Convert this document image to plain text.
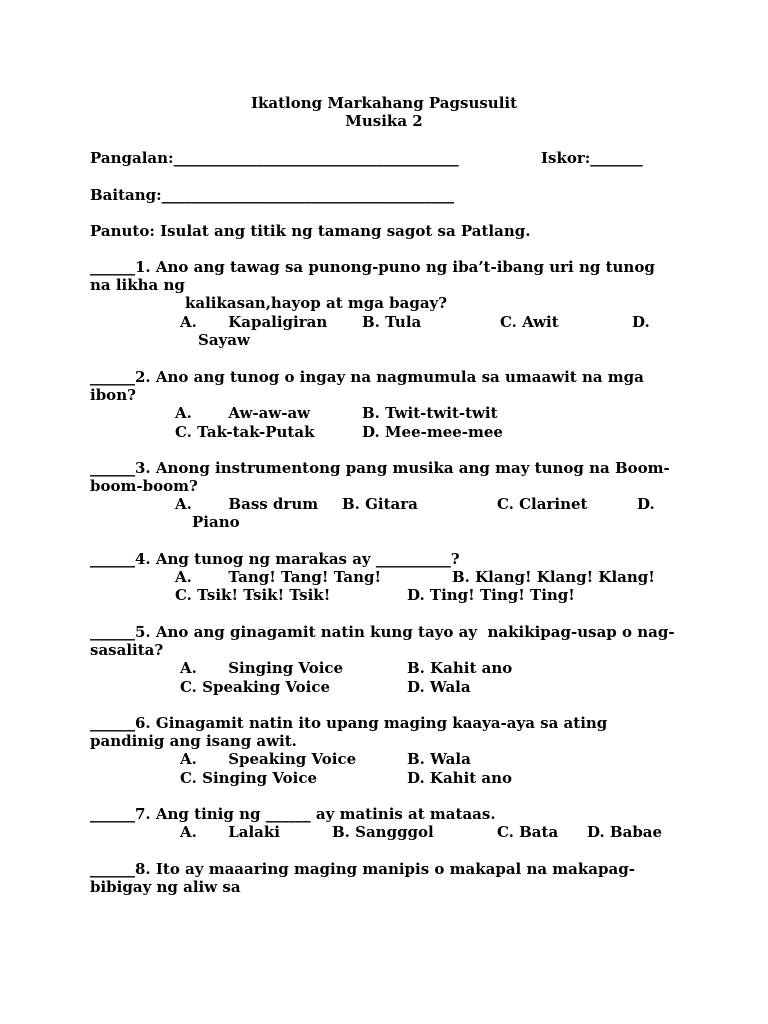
Ikatlong Markahang Pagsusulit
Musika 2
Pangalan:______________________________________	Iskor:_______
Baitang:_______________________________________
Panuto: Isulat ang titik ng tamang sagot sa Patlang.
______1. Ano ang tawag sa punong-puno ng iba’t-ibang uri ng tunog
na likha ng
kalikasan,hayop at mga bagay?
A.      Kapaligiran B. Tula	C. Awit	D.
Sayaw
______2. Ano ang tunog o ingay na nagmumula sa umaawit na mga
ibon?
A.       Aw-aw-aw	B. Twit-twit-twit
C. Tak-tak-Putak	D. Mee-mee-mee
______3. Anong instrumentong pang musika ang may tunog na Boom-
boom-boom?
A.       Bass drum B. Gitara	C. Clarinet	D.
Piano
______4. Ang tunog ng marakas ay __________?
A.       Tang! Tang! Tang!	B. Klang! Klang! Klang!
C. Tsik! Tsik! Tsik!	D. Ting! Ting! Ting!
______5. Ano ang ginagamit natin kung tayo ay  nakikipag-usap o nag-
sasalita?
A.      Singing Voice	B. Kahit ano
C. Speaking Voice	D. Wala
______6. Ginagamit natin ito upang maging kaaya-aya sa ating
pandinig ang isang awit.
A.      Speaking Voice	B. Wala
C. Singing Voice	D. Kahit ano
______7. Ang tinig ng ______ ay matinis at mataas.
A.      Lalaki	B. Sangggol	C. Bata D. Babae
______8. Ito ay maaaring maging manipis o makapal na makapag-
bibigay ng aliw sa
